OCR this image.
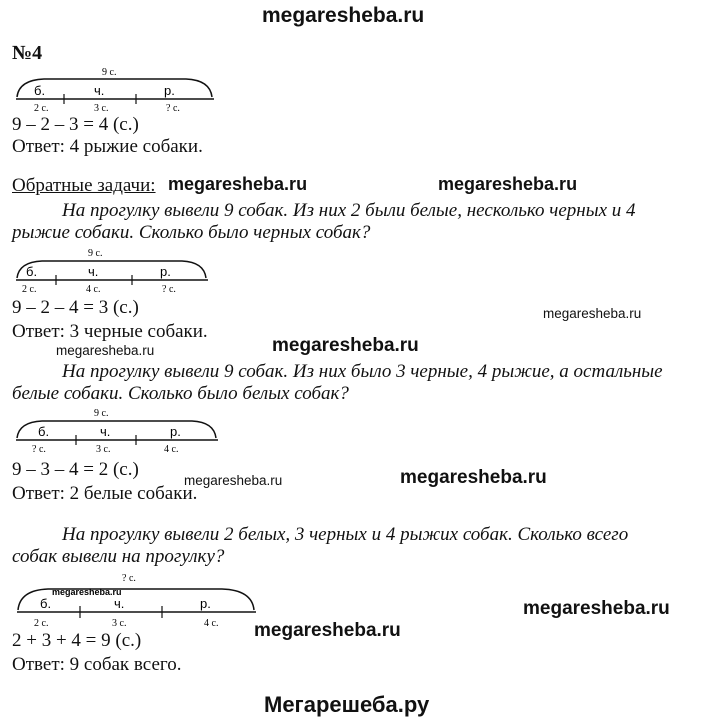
megaresheba.ru
№4
9 с.
б.	ч.	р.
2 с.	3 с.	? с.
9 – 2 – 3 = 4 (с.)
Ответ: 4 рыжие собаки.
Обратные задачи: megaresheba.ru	megaresheba.ru
На прогулку вывели 9 собак. Из них 2 были белые, несколько черных и 4
рыжие собаки. Сколько было черных собак?
9 с.
б.	ч.	р.
2 с.	4 с.	? с.
9 – 2 – 4 = 3 (с.)	megaresheba.ru
Ответ: 3 черные собаки.
megaresheba.ru	megaresheba.ru
На прогулку вывели 9 собак. Из них было 3 черные, 4 рыжие, а остальные
белые собаки. Сколько было белых собак?
9 с.
б.	ч.	р.
? с.	3 с.	4 с.
9 – 3 – 4 = 2 (с.)
megaresheba.ru	megaresheba.ru
Ответ: 2 белые собаки.
На прогулку вывели 2 белых, 3 черных и 4 рыжих собак. Сколько всего
собак вывели на прогулку?
? с.
megaresheba.ru
б.	ч.	р.
2 с.	3 с.	4 с.
megaresheba.ru
2 + 3 + 4 = 9 (с.)	megaresheba.ru
Ответ: 9 собак всего.
Мегарешеба.ру
